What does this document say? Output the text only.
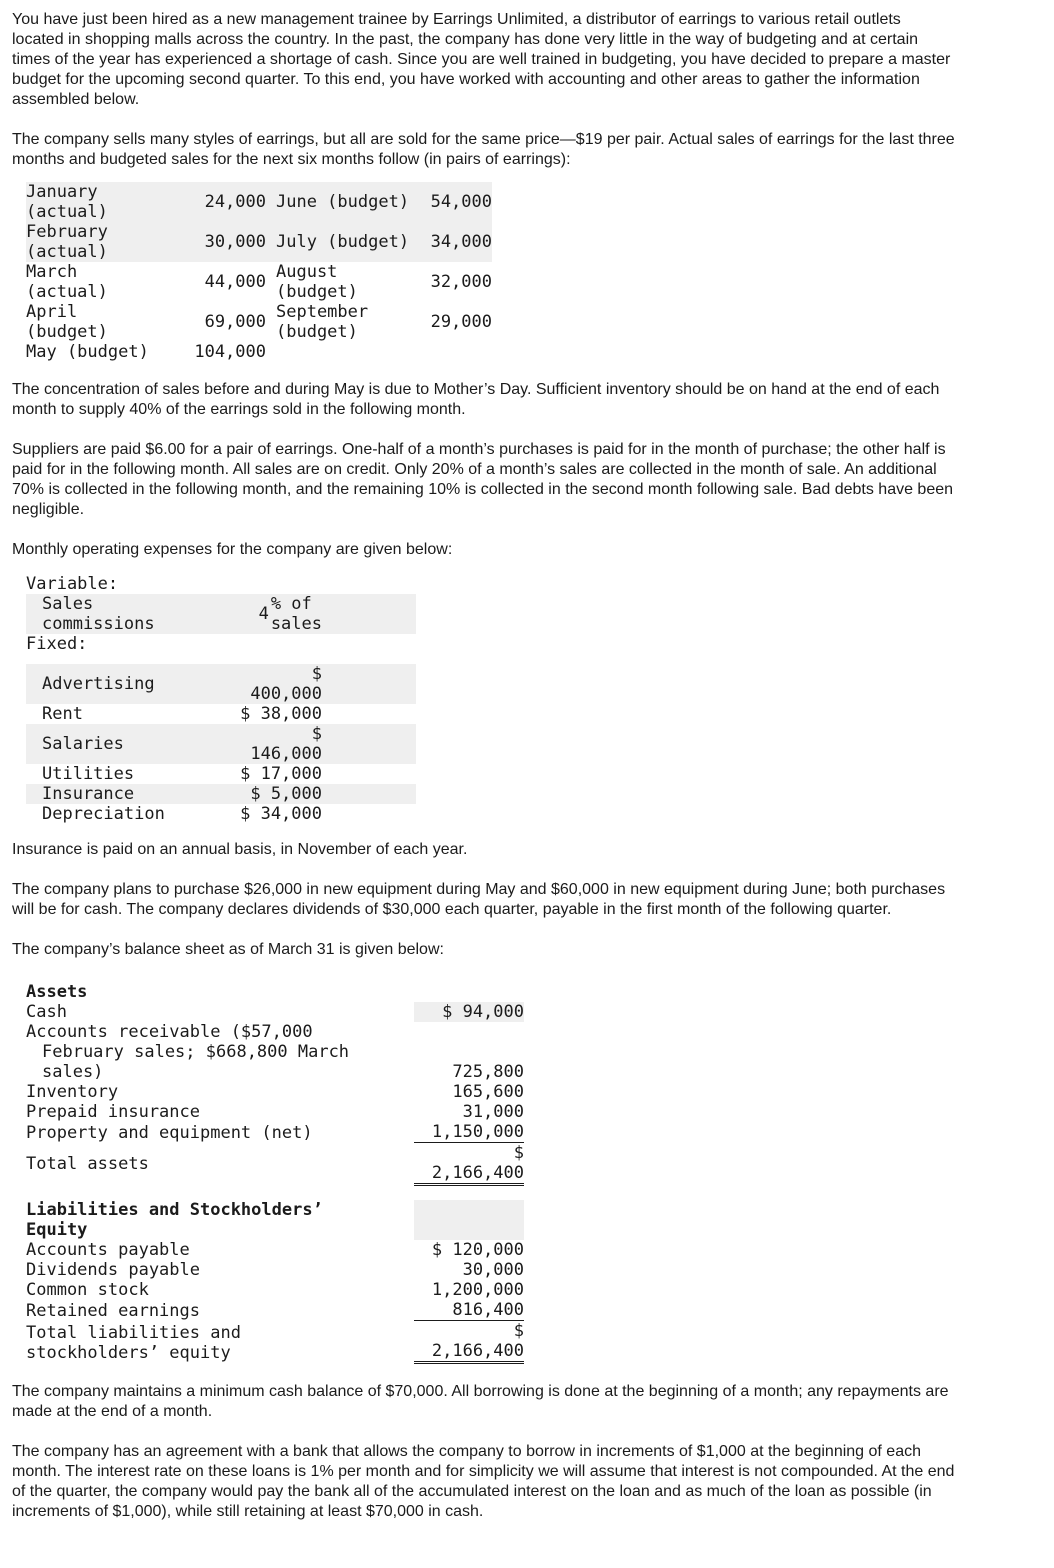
You have just been hired as a new management trainee by Earrings Unlimited, a distributor of earrings to various retail outlets located in shopping malls across the country. In the past, the company has done very little in the way of budgeting and at certain times of the year has experienced a shortage of cash. Since you are well trained in budgeting, you have decided to prepare a master budget for the upcoming second quarter. To this end, you have worked with accounting and other areas to gather the information assembled below.

The company sells many styles of earrings, but all are sold for the same price—$19 per pair. Actual sales of earrings for the last three months and budgeted sales for the next six months follow (in pairs of earrings):

January
(actual)	24,000	June (budget)	54,000
February
(actual)	30,000	July (budget)	34,000
March
(actual)	44,000	August
(budget)	32,000
April
(budget)	69,000	September
(budget)	29,000
May (budget)	104,000		

The concentration of sales before and during May is due to Mother’s Day. Sufficient inventory should be on hand at the end of each month to supply 40% of the earrings sold in the following month.

Suppliers are paid $6.00 for a pair of earrings. One-half of a month’s purchases is paid for in the month of purchase; the other half is paid for in the following month. All sales are on credit. Only 20% of a month’s sales are collected in the month of sale. An additional 70% is collected in the following month, and the remaining 10% is collected in the second month following sale. Bad debts have been negligible.

Monthly operating expenses for the company are given below:

Variable:		
Sales
commissions	4 % of
sales	

Fixed:		

Advertising	$
400,000	
Rent	$ 38,000	
Salaries	$
146,000	
Utilities	$ 17,000	
Insurance	$ 5,000	
Depreciation	$ 34,000	

Insurance is paid on an annual basis, in November of each year.

The company plans to purchase $26,000 in new equipment during May and $60,000 in new equipment during June; both purchases will be for cash. The company declares dividends of $30,000 each quarter, payable in the first month of the following quarter.

The company’s balance sheet as of March 31 is given below:

Assets	
Cash	$ 94,000
Accounts receivable ($57,000
February sales; $668,800 March
sales)	725,800
Inventory	165,600
Prepaid insurance	31,000
Property and equipment (net)	1,150,000
Total assets	$
2,166,400

Liabilities and Stockholders’
Equity	
Accounts payable	$ 120,000
Dividends payable	30,000
Common stock	1,200,000
Retained earnings	816,400
Total liabilities and
stockholders’ equity	$
2,166,400

The company maintains a minimum cash balance of $70,000. All borrowing is done at the beginning of a month; any repayments are made at the end of a month.

The company has an agreement with a bank that allows the company to borrow in increments of $1,000 at the beginning of each month. The interest rate on these loans is 1% per month and for simplicity we will assume that interest is not compounded. At the end of the quarter, the company would pay the bank all of the accumulated interest on the loan and as much of the loan as possible (in increments of $1,000), while still retaining at least $70,000 in cash.
